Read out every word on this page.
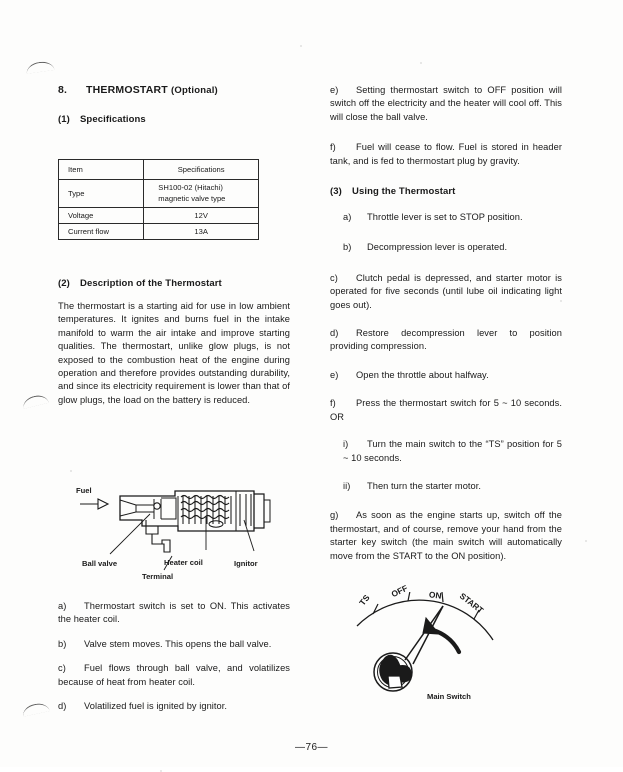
8. THERMOSTART (Optional)
(1) Specifications
Item	Specifications
Type	SH100-02 (Hitachi)
magnetic valve type

Voltage	12V
Current flow	13A
(2) Description of the Thermostart

The thermostart is a starting aid for use in low ambient temperatures. It ignites and burns fuel in the intake manifold to warm the air intake and improve starting qualities. The thermostart, unlike glow plugs, is not exposed to the combustion heat of the engine during operation and therefore provides outstanding durability, and since its electricity requirement is lower than that of glow plugs, the load on the battery is reduced.

Fuel
Ball valve	Heater coil	Ignitor
Terminal

a) Thermostart switch is set to ON. This activates the heater coil.

b) Valve stem moves. This opens the ball valve.

c) Fuel flows through ball valve, and volatilizes because of heat from heater coil.

d) Volatilized fuel is ignited by ignitor.

e) Setting thermostart switch to OFF position will switch off the electricity and the heater will cool off. This will close the ball valve.

f) Fuel will cease to flow. Fuel is stored in header tank, and is fed to thermostart plug by gravity.

(3) Using the Thermostart

a) Throttle lever is set to STOP position.

b) Decompression lever is operated.

c) Clutch pedal is depressed, and starter motor is operated for five seconds (until lube oil indicating light goes out).

d) Restore decompression lever to position providing compression.

e) Open the throttle about halfway.

f) Press the thermostart switch for 5 ~ 10 seconds. OR

i) Turn the main switch to the “TS” position for 5 ~ 10 seconds.

ii) Then turn the starter motor.

g) As soon as the engine starts up, switch off the thermostart, and of course, remove your hand from the starter key switch (the main switch will automatically move from the START to the ON position).

TS
OFF ON START
Main Switch
—76—
